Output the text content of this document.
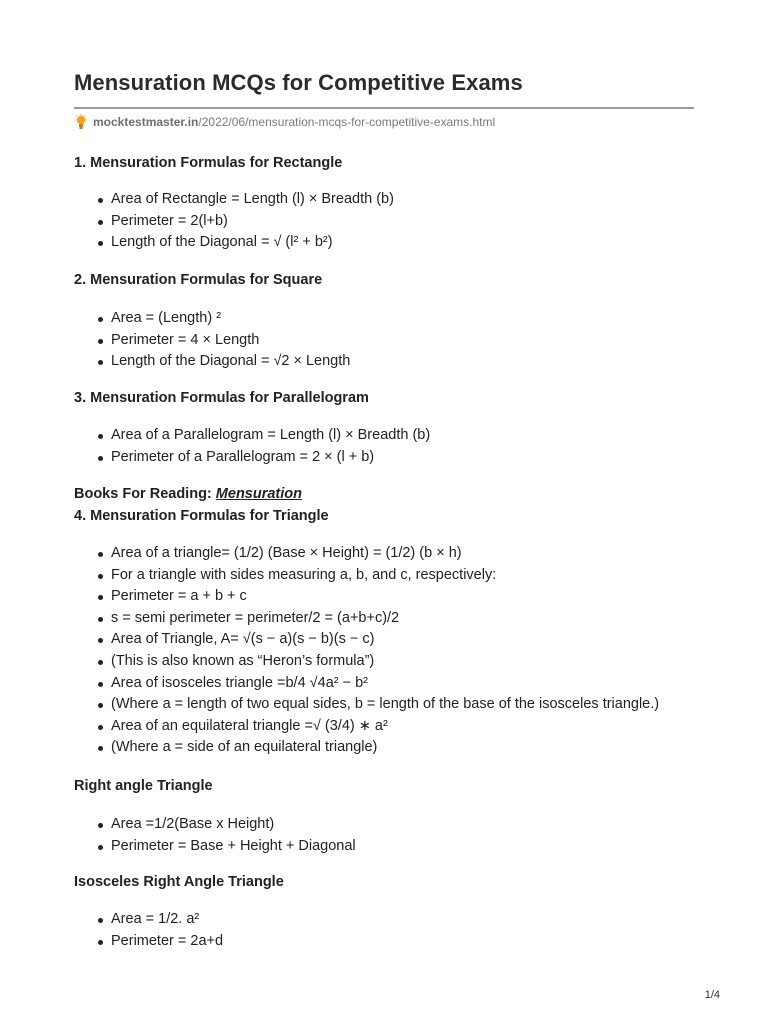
Mensuration MCQs for Competitive Exams
mocktestmaster.in/2022/06/mensuration-mcqs-for-competitive-exams.html
1. Mensuration Formulas for Rectangle
Area of Rectangle = Length (l) × Breadth (b)
Perimeter = 2(l+b)
Length of the Diagonal = √ (l² + b²)
2. Mensuration Formulas for Square
Area = (Length) ²
Perimeter = 4 × Length
Length of the Diagonal = √2 × Length
3. Mensuration Formulas for Parallelogram
Area of a Parallelogram = Length (l) × Breadth (b)
Perimeter of a Parallelogram = 2 × (l + b)
Books For Reading: Mensuration
4. Mensuration Formulas for Triangle
Area of a triangle= (1/2) (Base × Height) = (1/2) (b × h)
For a triangle with sides measuring a, b, and c, respectively:
Perimeter = a + b + c
s = semi perimeter = perimeter/2 = (a+b+c)/2
Area of Triangle, A= √(s − a)(s − b)(s − c)
(This is also known as “Heron’s formula”)
Area of isosceles triangle =b/4 √4a² − b²
(Where a = length of two equal sides, b = length of the base of the isosceles triangle.)
Area of an equilateral triangle =√ (3/4) ∗ a²
(Where a = side of an equilateral triangle)
Right angle Triangle
Area =1/2(Base x Height)
Perimeter = Base + Height + Diagonal
Isosceles Right Angle Triangle
Area = 1/2. a²
Perimeter = 2a+d
1/4
